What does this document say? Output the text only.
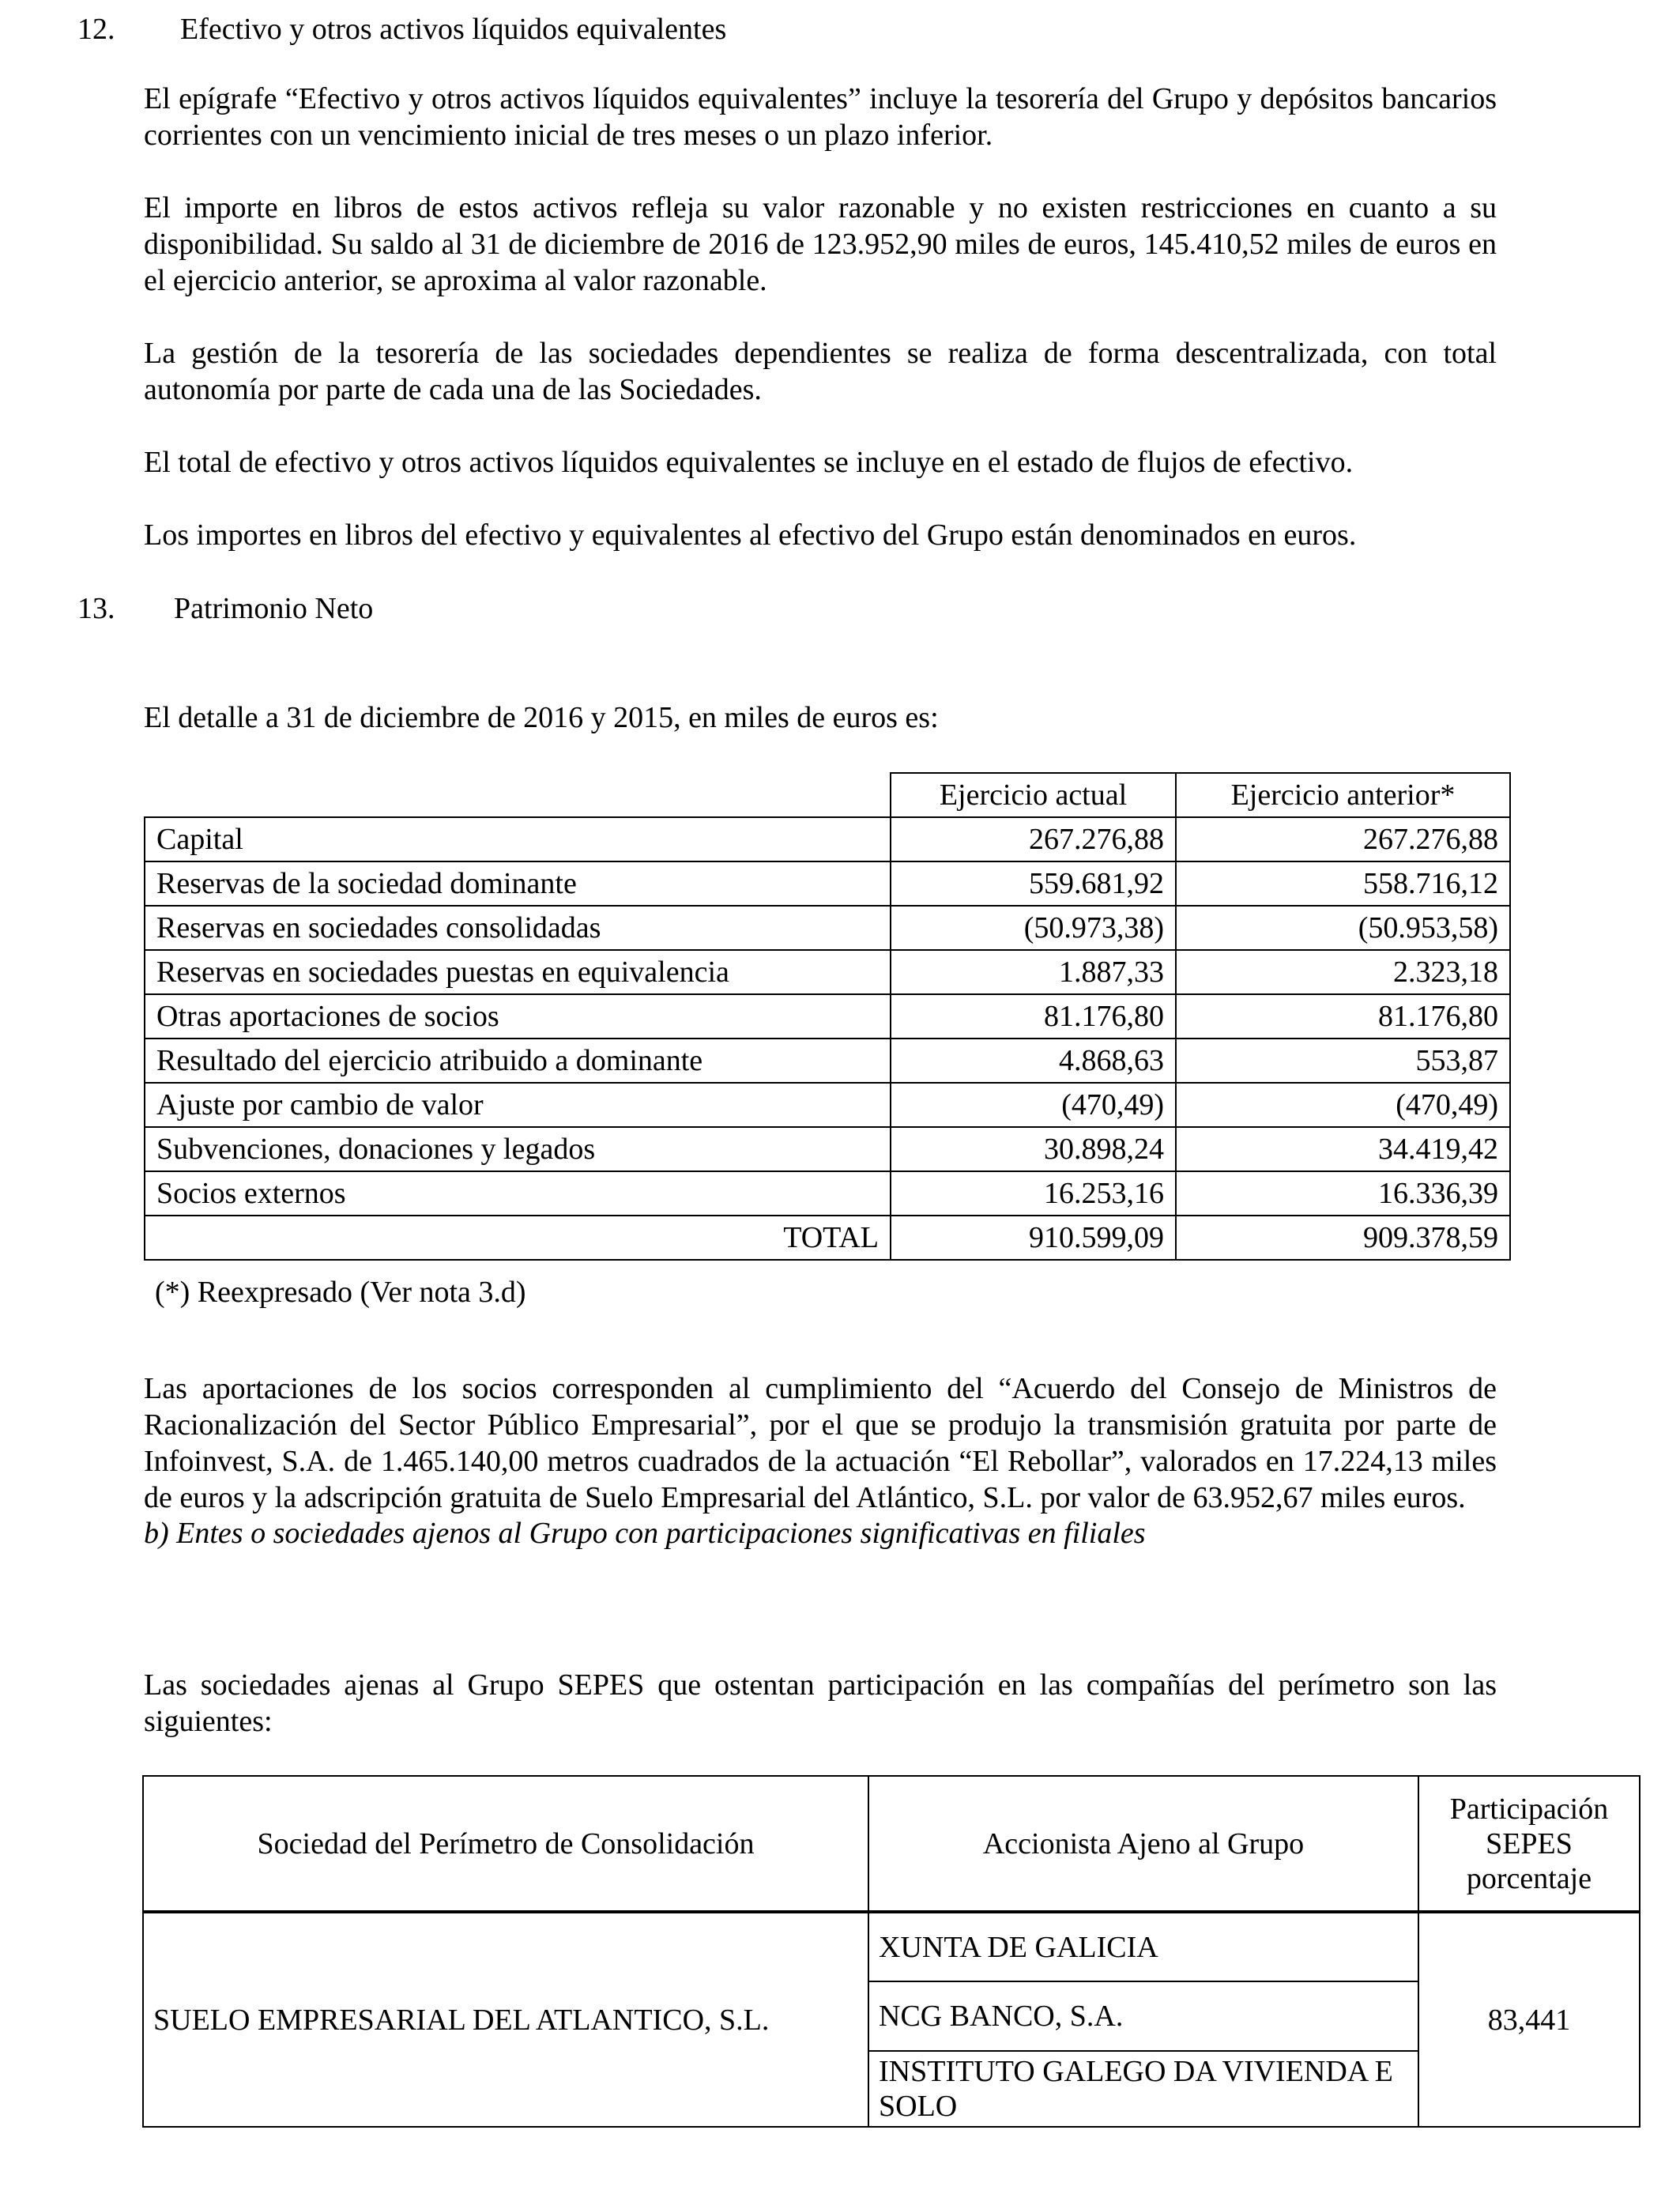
12. Efectivo y otros activos líquidos equivalentes
El epígrafe “Efectivo y otros activos líquidos equivalentes” incluye la tesorería del Grupo y depósitos bancarios corrientes con un vencimiento inicial de tres meses o un plazo inferior.
El importe en libros de estos activos refleja su valor razonable y no existen restricciones en cuanto a su disponibilidad. Su saldo al 31 de diciembre de 2016 de 123.952,90 miles de euros, 145.410,52 miles de euros en el ejercicio anterior, se aproxima al valor razonable.
La gestión de la tesorería de las sociedades dependientes se realiza de forma descentralizada, con total autonomía por parte de cada una de las Sociedades.
El total de efectivo y otros activos líquidos equivalentes se incluye en el estado de flujos de efectivo.
Los importes en libros del efectivo y equivalentes al efectivo del Grupo están denominados en euros.
13. Patrimonio Neto
El detalle a 31 de diciembre de 2016 y 2015, en miles de euros es:
	Ejercicio actual	Ejercicio anterior*
Capital	267.276,88	267.276,88
Reservas de la sociedad dominante	559.681,92	558.716,12
Reservas en sociedades consolidadas	(50.973,38)	(50.953,58)
Reservas en sociedades puestas en equivalencia	1.887,33	2.323,18
Otras aportaciones de socios	81.176,80	81.176,80
Resultado del ejercicio atribuido a dominante	4.868,63	553,87
Ajuste por cambio de valor	(470,49)	(470,49)
Subvenciones, donaciones y legados	30.898,24	34.419,42
Socios externos	16.253,16	16.336,39
TOTAL	910.599,09	909.378,59
(*) Reexpresado (Ver nota 3.d)
Las aportaciones de los socios corresponden al cumplimiento del “Acuerdo del Consejo de Ministros de Racionalización del Sector Público Empresarial”, por el que se produjo la transmisión gratuita por parte de Infoinvest, S.A. de 1.465.140,00 metros cuadrados de la actuación “El Rebollar”, valorados en 17.224,13 miles de euros y la adscripción gratuita de Suelo Empresarial del Atlántico, S.L. por valor de 63.952,67 miles euros.
b) Entes o sociedades ajenos al Grupo con participaciones significativas en filiales
Las sociedades ajenas al Grupo SEPES que ostentan participación en las compañías del perímetro son las siguientes:
Sociedad del Perímetro de Consolidación	Accionista Ajeno al Grupo	Participación
SEPES
porcentaje

SUELO EMPRESARIAL DEL ATLANTICO, S.L.	XUNTA DE GALICIA	83,441
	NCG BANCO, S.A.	
	INSTITUTO GALEGO DA VIVIENDA E SOLO	
